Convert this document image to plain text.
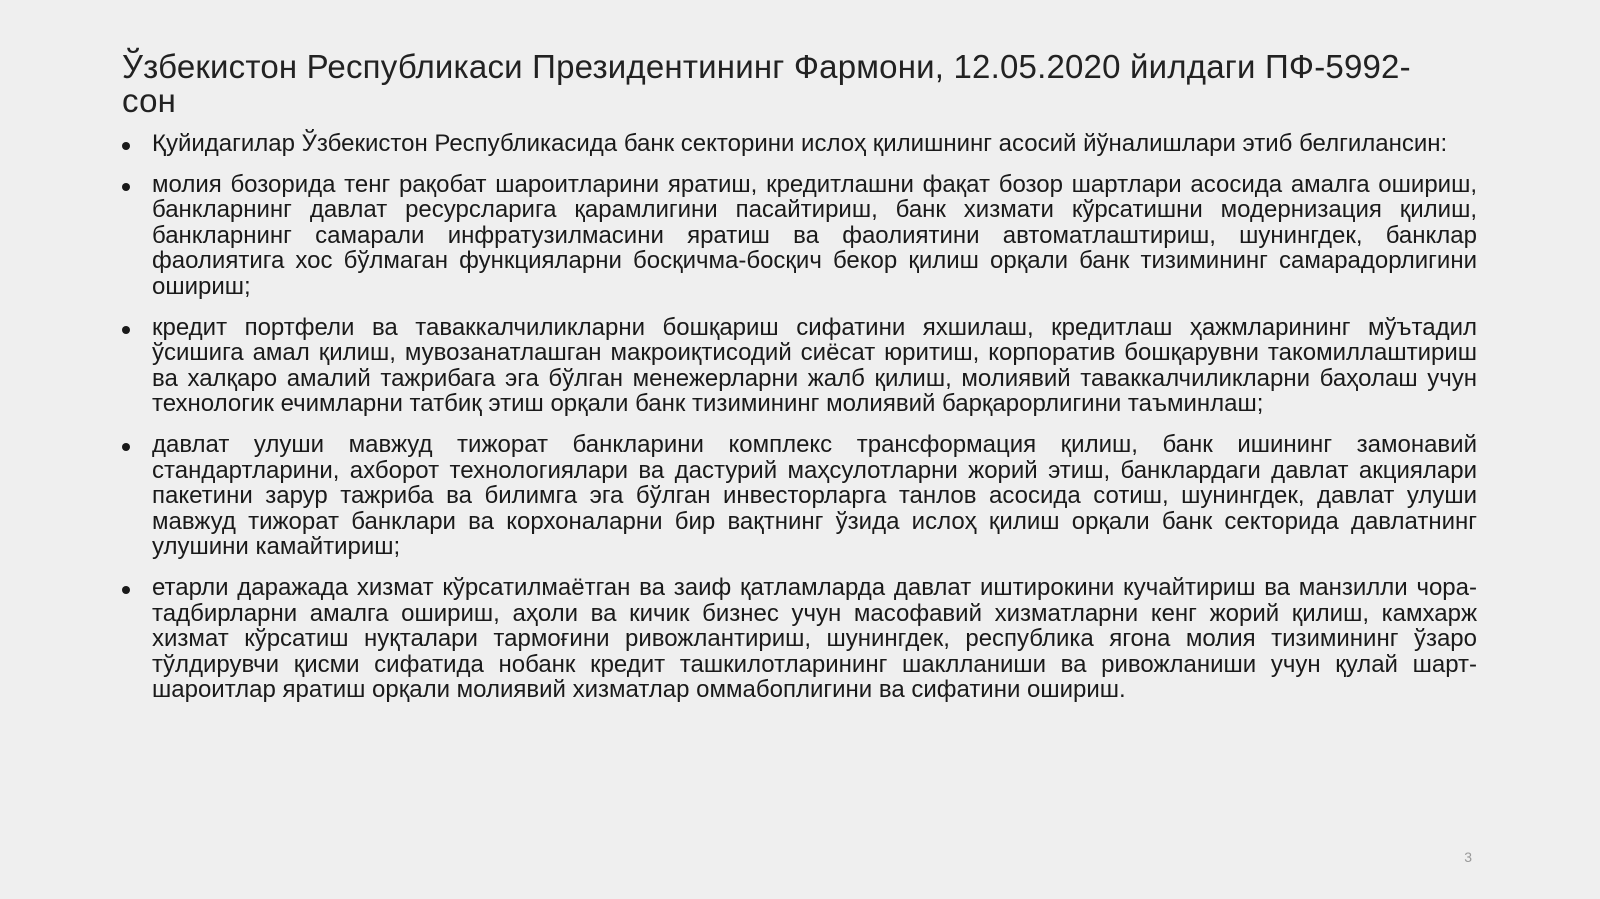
Ўзбекистон Республикаси Президентининг Фармони, 12.05.2020 йилдаги ПФ-5992-сон
Қуйидагилар Ўзбекистон Республикасида банк секторини ислоҳ қилишнинг асосий йўналишлари этиб белгилансин:
молия бозорида тенг рақобат шароитларини яратиш, кредитлашни фақат бозор шартлари асосида амалга ошириш, банкларнинг давлат ресурсларига қарамлигини пасайтириш, банк хизмати кўрсатишни модернизация қилиш, банкларнинг самарали инфратузилмасини яратиш ва фаолиятини автоматлаштириш, шунингдек, банклар фаолиятига хос бўлмаган функцияларни босқичма-босқич бекор қилиш орқали банк тизимининг самарадорлигини ошириш;
кредит портфели ва таваккалчиликларни бошқариш сифатини яхшилаш, кредитлаш ҳажмларининг мўътадил ўсишига амал қилиш, мувозанатлашган макроиқтисодий сиёсат юритиш, корпоратив бошқарувни такомиллаштириш ва халқаро амалий тажрибага эга бўлган менежерларни жалб қилиш, молиявий таваккалчиликларни баҳолаш учун технологик ечимларни татбиқ этиш орқали банк тизимининг молиявий барқарорлигини таъминлаш;
давлат улуши мавжуд тижорат банкларини комплекс трансформация қилиш, банк ишининг замонавий стандартларини, ахборот технологиялари ва дастурий маҳсулотларни жорий этиш, банклардаги давлат акциялари пакетини зарур тажриба ва билимга эга бўлган инвесторларга танлов асосида сотиш, шунингдек, давлат улуши мавжуд тижорат банклари ва корхоналарни бир вақтнинг ўзида ислоҳ қилиш орқали банк секторида давлатнинг улушини камайтириш;
етарли даражада хизмат кўрсатилмаётган ва заиф қатламларда давлат иштирокини кучайтириш ва манзилли чора-тадбирларни амалга ошириш, аҳоли ва кичик бизнес учун масофавий хизматларни кенг жорий қилиш, камхарж хизмат кўрсатиш нуқталари тармоғини ривожлантириш, шунингдек, республика ягона молия тизимининг ўзаро тўлдирувчи қисми сифатида нобанк кредит ташкилотларининг шаклланиши ва ривожланиши учун қулай шарт-шароитлар яратиш орқали молиявий хизматлар оммабоплигини ва сифатини ошириш.
3
